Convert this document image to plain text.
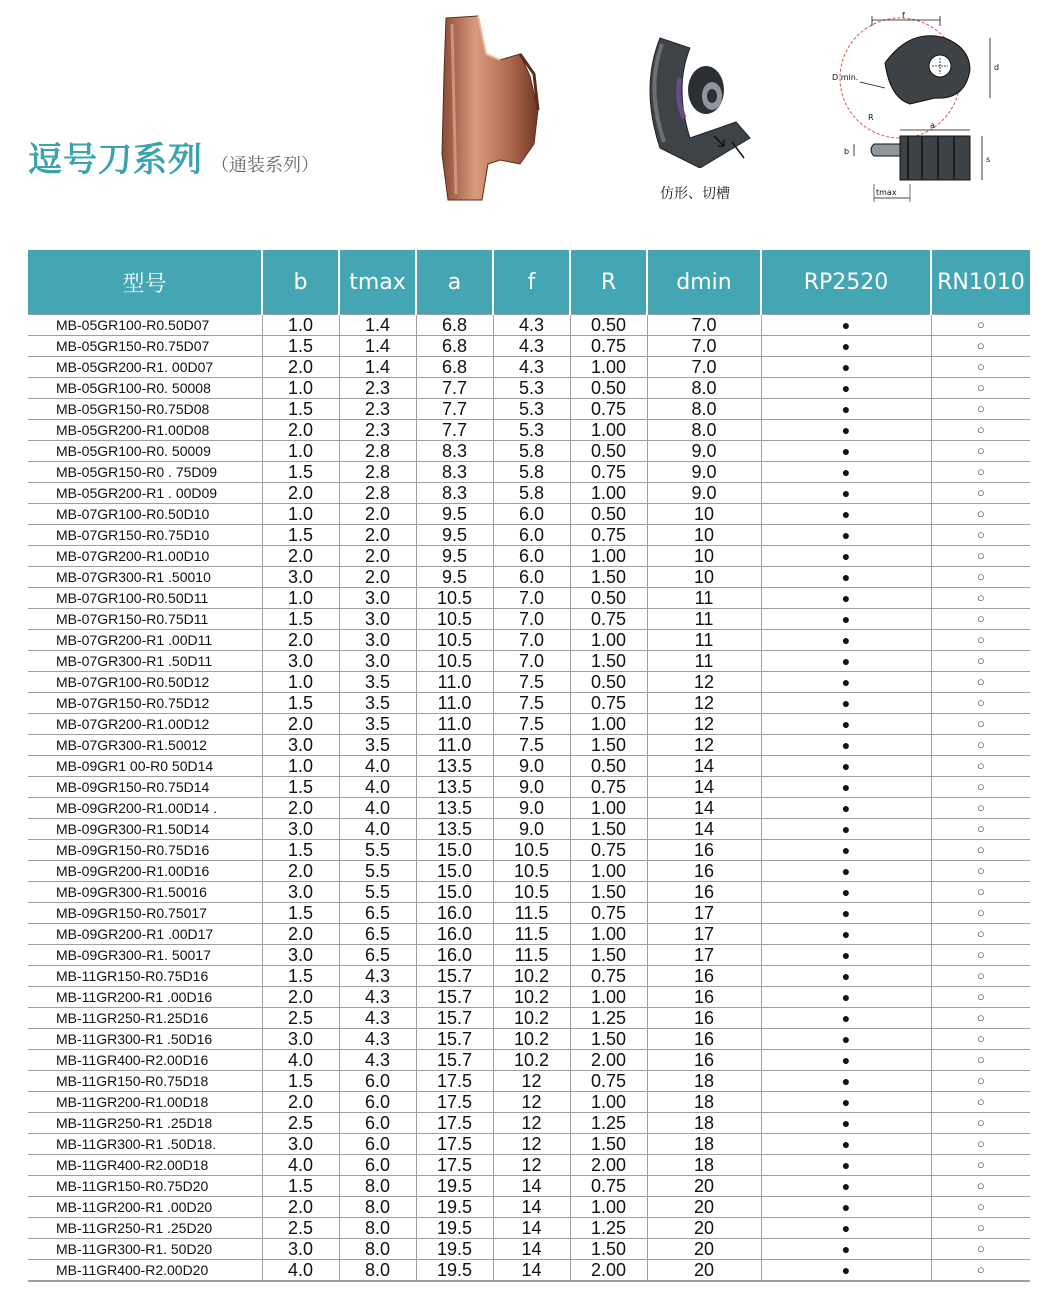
逗号刀系列 （通装系列）
仿形、切槽
f
d
D min.
a
R
b
s
tmax
型号	b	tmax	a	f	R	dmin	RP2520	RN1010
MB-05GR100-R0.50D07	1.0	1.4	6.8	4.3	0.50	7.0	●	○
MB-05GR150-R0.75D07	1.5	1.4	6.8	4.3	0.75	7.0	●	○
MB-05GR200-R1. 00D07	2.0	1.4	6.8	4.3	1.00	7.0	●	○
MB-05GR100-R0. 50008	1.0	2.3	7.7	5.3	0.50	8.0	●	○
MB-05GR150-R0.75D08	1.5	2.3	7.7	5.3	0.75	8.0	●	○
MB-05GR200-R1.00D08	2.0	2.3	7.7	5.3	1.00	8.0	●	○
MB-05GR100-R0. 50009	1.0	2.8	8.3	5.8	0.50	9.0	●	○
MB-05GR150-R0 . 75D09	1.5	2.8	8.3	5.8	0.75	9.0	●	○
MB-05GR200-R1 . 00D09	2.0	2.8	8.3	5.8	1.00	9.0	●	○
MB-07GR100-R0.50D10	1.0	2.0	9.5	6.0	0.50	10	●	○
MB-07GR150-R0.75D10	1.5	2.0	9.5	6.0	0.75	10	●	○
MB-07GR200-R1.00D10	2.0	2.0	9.5	6.0	1.00	10	●	○
MB-07GR300-R1 .50010	3.0	2.0	9.5	6.0	1.50	10	●	○
MB-07GR100-R0.50D11	1.0	3.0	10.5	7.0	0.50	11	●	○
MB-07GR150-R0.75D11	1.5	3.0	10.5	7.0	0.75	11	●	○
MB-07GR200-R1 .00D11	2.0	3.0	10.5	7.0	1.00	11	●	○
MB-07GR300-R1 .50D11	3.0	3.0	10.5	7.0	1.50	11	●	○
MB-07GR100-R0.50D12	1.0	3.5	11.0	7.5	0.50	12	●	○
MB-07GR150-R0.75D12	1.5	3.5	11.0	7.5	0.75	12	●	○
MB-07GR200-R1.00D12	2.0	3.5	11.0	7.5	1.00	12	●	○
MB-07GR300-R1.50012	3.0	3.5	11.0	7.5	1.50	12	●	○
MB-09GR1 00-R0 50D14	1.0	4.0	13.5	9.0	0.50	14	●	○
MB-09GR150-R0.75D14	1.5	4.0	13.5	9.0	0.75	14	●	○
MB-09GR200-R1.00D14 .	2.0	4.0	13.5	9.0	1.00	14	●	○
MB-09GR300-R1.50D14	3.0	4.0	13.5	9.0	1.50	14	●	○
MB-09GR150-R0.75D16	1.5	5.5	15.0	10.5	0.75	16	●	○
MB-09GR200-R1.00D16	2.0	5.5	15.0	10.5	1.00	16	●	○
MB-09GR300-R1.50016	3.0	5.5	15.0	10.5	1.50	16	●	○
MB-09GR150-R0.75017	1.5	6.5	16.0	11.5	0.75	17	●	○
MB-09GR200-R1 .00D17	2.0	6.5	16.0	11.5	1.00	17	●	○
MB-09GR300-R1. 50017	3.0	6.5	16.0	11.5	1.50	17	●	○
MB-11GR150-R0.75D16	1.5	4.3	15.7	10.2	0.75	16	●	○
MB-11GR200-R1 .00D16	2.0	4.3	15.7	10.2	1.00	16	●	○
MB-11GR250-R1.25D16	2.5	4.3	15.7	10.2	1.25	16	●	○
MB-11GR300-R1 .50D16	3.0	4.3	15.7	10.2	1.50	16	●	○
MB-11GR400-R2.00D16	4.0	4.3	15.7	10.2	2.00	16	●	○
MB-11GR150-R0.75D18	1.5	6.0	17.5	12	0.75	18	●	○
MB-11GR200-R1.00D18	2.0	6.0	17.5	12	1.00	18	●	○
MB-11GR250-R1 .25D18	2.5	6.0	17.5	12	1.25	18	●	○
MB-11GR300-R1 .50D18.	3.0	6.0	17.5	12	1.50	18	●	○
MB-11GR400-R2.00D18	4.0	6.0	17.5	12	2.00	18	●	○
MB-11GR150-R0.75D20	1.5	8.0	19.5	14	0.75	20	●	○
MB-11GR200-R1 .00D20	2.0	8.0	19.5	14	1.00	20	●	○
MB-11GR250-R1 .25D20	2.5	8.0	19.5	14	1.25	20	●	○
MB-11GR300-R1. 50D20	3.0	8.0	19.5	14	1.50	20	●	○
MB-11GR400-R2.00D20	4.0	8.0	19.5	14	2.00	20	●	○
